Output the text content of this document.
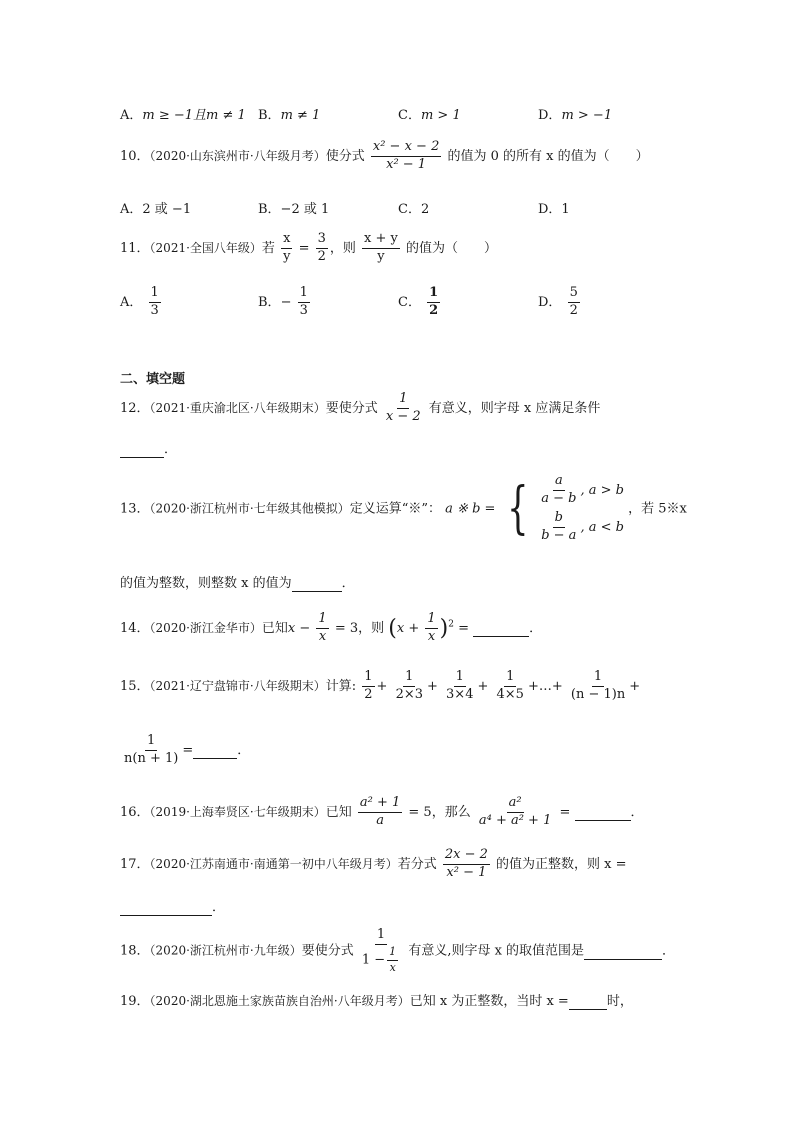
A．m ≥ −1且m ≠ 1 B．m ≠ 1	C．m > 1	D．m > −1
10．（2020·山东滨州市·八年级月考）使分式 $\frac{\text{x² − x − 2}}{\text{x² − 1}}$ 的值为 0 的所有 x 的值为（　　）
A．2 或 −1	B．−2 或 1	C．2	D．1
11．（2021·全国八年级）若 $\frac{x}{y} = \frac{3}{2}$ ，则 $\frac{x + y}{y}$ 的值为（　　）
A． $\frac{1}{3}$	B．− $\frac{1}{3}$	C． $\frac{1}{2}$	D． $\frac{5}{2}$
二、填空题
12．（2021·重庆渝北区·八年级期末）要使分式 $\frac{1}{x - 2}$ 有意义，则字母 x 应满足条件
．
13．（2020·浙江杭州市·七年级其他模拟）定义运算“※”： a ※ b = { $\frac{a}{a - b}$ , a > b
$\frac{b}{b - a}$ , a < b
，若 5※x
的值为整数，则整数 x 的值为	．
14．（2020·浙江金华市）已知$x - \frac{1}{x} = 3$，则 $(x + \frac{1}{x} )^2$ =	．
15．（2021·辽宁盘锦市·八年级期末）计算: $\frac{1}{2} + \frac{1}{2\times 3} + \frac{1}{3\times 4} + \frac{1}{4\times 5}$ +…+ $\frac{1}{(n - 1)n}$ +
$\frac{1}{n(n + 1)}$ =	．
16．（2019·上海奉贤区·七年级期末）已知 $\frac{\text{a² + 1}}{a} = 5$，那么 $\frac{\text{a²}}{\text{a⁴ + a² + 1}}$ =	．
17．（2020·江苏南通市·南通第一初中八年级月考）若分式 $\frac{2x - 2}{\text{x² − 1}}$ 的值为正整数，则 x =
．
18．（2020·浙江杭州市·九年级）要使分式 $\frac{1}{1 - \frac{1}{x}}$ 有意义,则字母 x 的取值范围是	．
19．（2020·湖北恩施土家族苗族自治州·八年级月考）已知 x 为正整数，当时 x =	时，
